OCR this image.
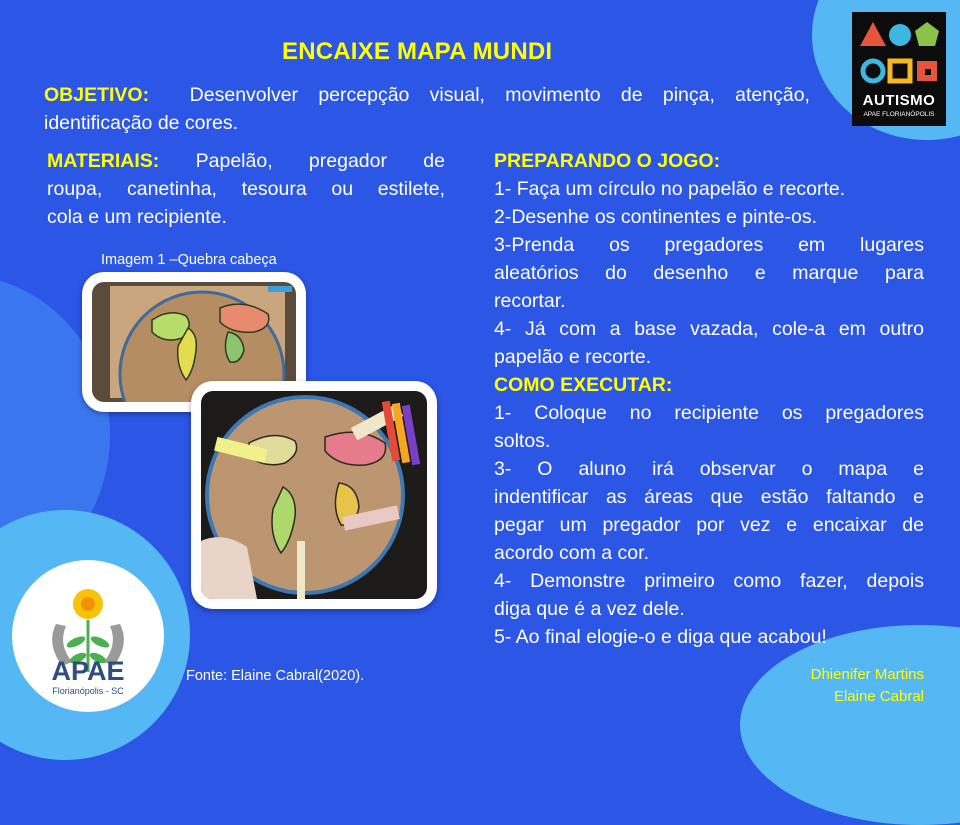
ENCAIXE MAPA MUNDI
OBJETIVO: Desenvolver percepção visual, movimento de pinça, atenção,
identificação de cores.
MATERIAIS: Papelão, pregador de
roupa, canetinha, tesoura ou estilete,
cola e um recipiente.
Imagem 1 –Quebra cabeça
PREPARANDO O JOGO:
1- Faça um círculo no papelão e recorte.
2-Desenhe os continentes e pinte-os.
3-Prenda os pregadores em lugares
aleatórios do desenho e marque para
recortar.
4- Já com a base vazada, cole-a em outro
papelão e recorte.
COMO EXECUTAR:
1- Coloque no recipiente os pregadores
soltos.
3- O aluno irá observar o mapa e
indentificar as áreas que estão faltando e
pegar um pregador por vez e encaixar de
acordo com a cor.
4- Demonstre primeiro como fazer, depois
diga que é a vez dele.
5- Ao final elogie-o e diga que acabou!
Fonte: Elaine Cabral(2020).	Dhienifer Martins
Elaine Cabral
AUTISMO
APAE FLORIANÓPOLIS
APAE
Florianópolis - SC
